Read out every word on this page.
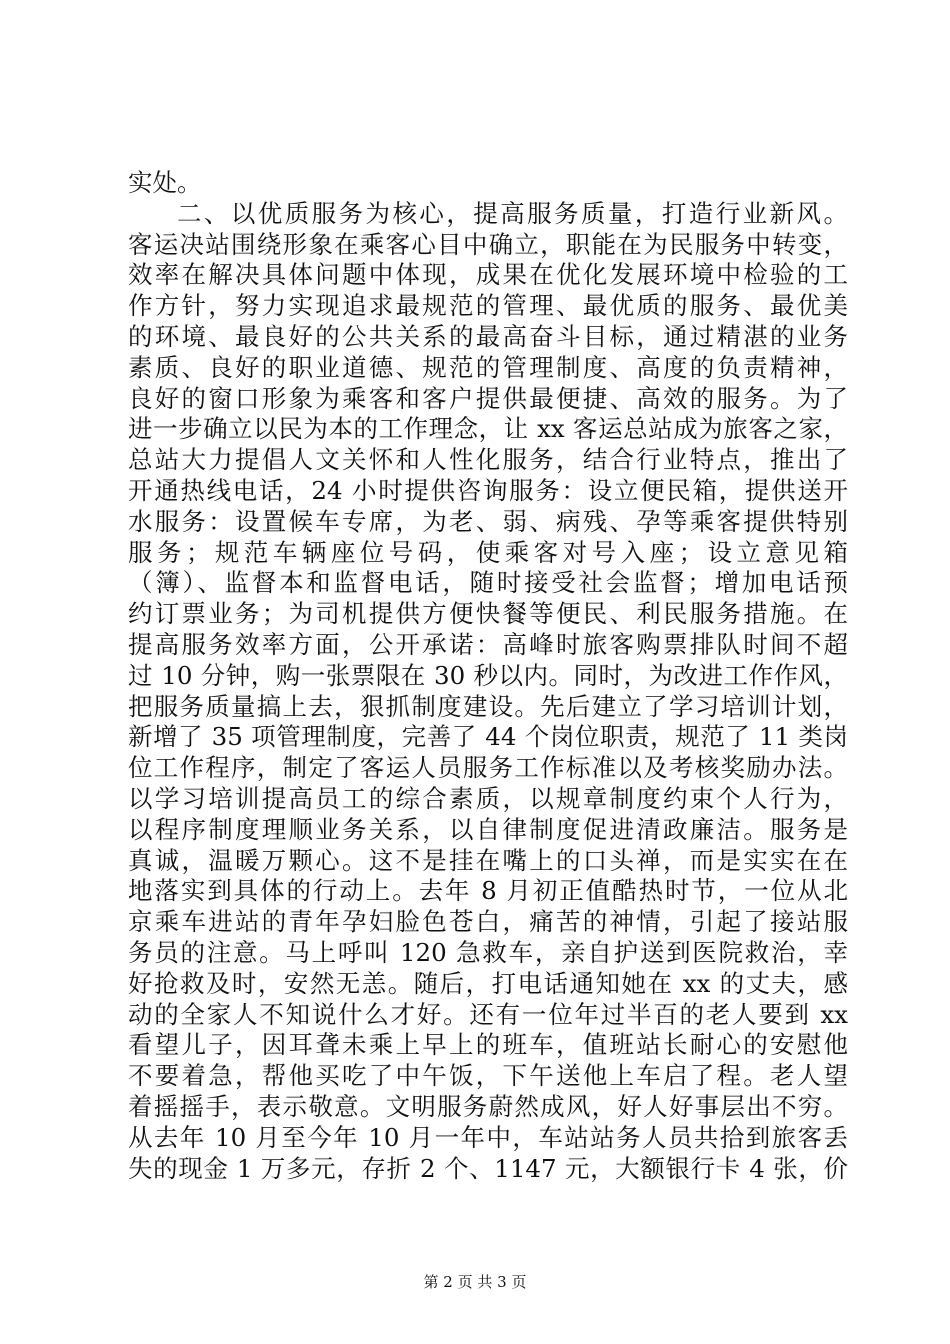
实处。
二、以优质服务为核心，提高服务质量，打造行业新风。
客运决站围绕形象在乘客心目中确立，职能在为民服务中转变，
效率在解决具体问题中体现，成果在优化发展环境中检验的工
作方针，努力实现追求最规范的管理、最优质的服务、最优美
的环境、最良好的公共关系的最高奋斗目标，通过精湛的业务
素质、良好的职业道德、规范的管理制度、高度的负责精神，
良好的窗口形象为乘客和客户提供最便捷、高效的服务。为了
进一步确立以民为本的工作理念，让 xx 客运总站成为旅客之家，
总站大力提倡人文关怀和人性化服务，结合行业特点，推出了
开通热线电话，24 小时提供咨询服务：设立便民箱，提供送开
水服务：设置候车专席，为老、弱、病残、孕等乘客提供特别
服务；规范车辆座位号码，使乘客对号入座；设立意见箱
（簿）、监督本和监督电话，随时接受社会监督；增加电话预
约订票业务；为司机提供方便快餐等便民、利民服务措施。在
提高服务效率方面，公开承诺：高峰时旅客购票排队时间不超
过 10 分钟，购一张票限在 30 秒以内。同时，为改进工作作风，
把服务质量搞上去，狠抓制度建设。先后建立了学习培训计划，
新增了 35 项管理制度，完善了 44 个岗位职责，规范了 11 类岗
位工作程序，制定了客运人员服务工作标准以及考核奖励办法。
以学习培训提高员工的综合素质，以规章制度约束个人行为，
以程序制度理顺业务关系，以自律制度促进清政廉洁。服务是
真诚，温暖万颗心。这不是挂在嘴上的口头禅，而是实实在在
地落实到具体的行动上。去年 8 月初正值酷热时节，一位从北
京乘车进站的青年孕妇脸色苍白，痛苦的神情，引起了接站服
务员的注意。马上呼叫 120 急救车，亲自护送到医院救治，幸
好抢救及时，安然无恙。随后，打电话通知她在 xx 的丈夫，感
动的全家人不知说什么才好。还有一位年过半百的老人要到 xx
看望儿子，因耳聋未乘上早上的班车，值班站长耐心的安慰他
不要着急，帮他买吃了中午饭，下午送他上车启了程。老人望
着摇摇手，表示敬意。文明服务蔚然成风，好人好事层出不穷。
从去年 10 月至今年 10 月一年中，车站站务人员共拾到旅客丢
失的现金 1 万多元，存折 2 个、1147 元，大额银行卡 4 张，价
第 2 页 共 3 页
